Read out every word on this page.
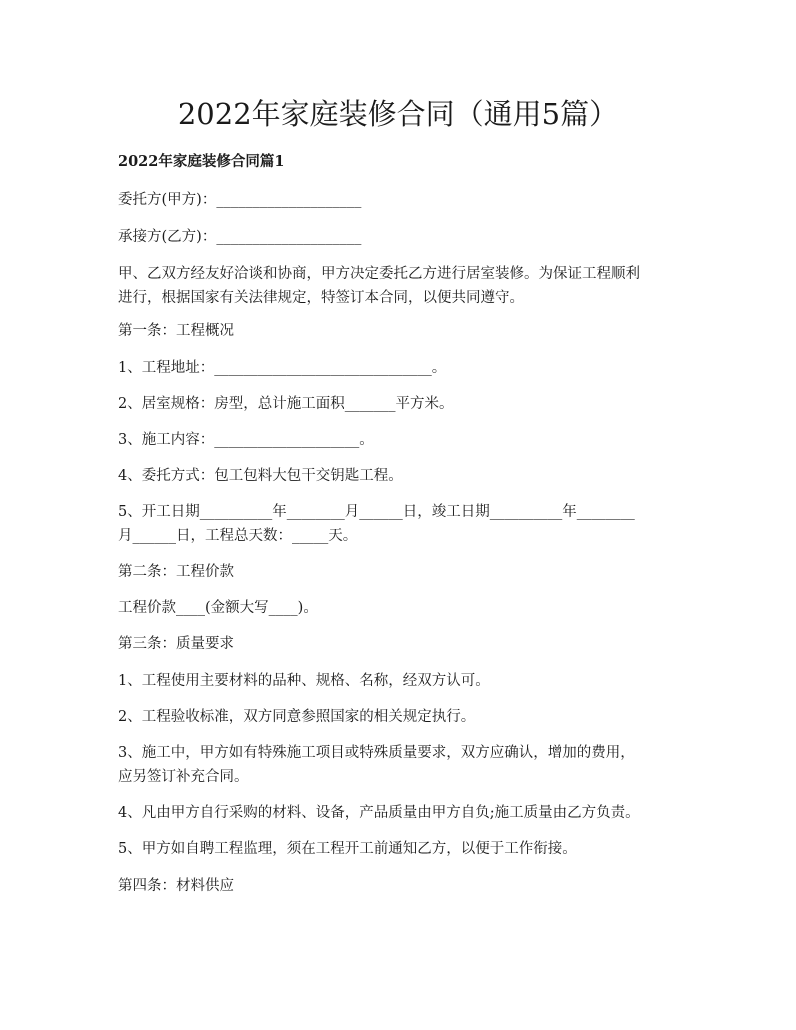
2022年家庭装修合同（通用5篇）
2022年家庭装修合同篇1
委托方(甲方)：____________________
承接方(乙方)：____________________
甲、乙双方经友好洽谈和协商，甲方决定委托乙方进行居室装修。为保证工程顺利
进行，根据国家有关法律规定，特签订本合同，以便共同遵守。
第一条：工程概况
1、工程地址：______________________________。
2、居室规格：房型，总计施工面积_______平方米。
3、施工内容：____________________。
4、委托方式：包工包料大包干交钥匙工程。
5、开工日期__________年________月______日，竣工日期__________年________
月______日，工程总天数：_____天。
第二条：工程价款
工程价款____(金额大写____)。
第三条：质量要求
1、工程使用主要材料的品种、规格、名称，经双方认可。
2、工程验收标准，双方同意参照国家的相关规定执行。
3、施工中，甲方如有特殊施工项目或特殊质量要求，双方应确认，增加的费用，
应另签订补充合同。
4、凡由甲方自行采购的材料、设备，产品质量由甲方自负;施工质量由乙方负责。
5、甲方如自聘工程监理，须在工程开工前通知乙方，以便于工作衔接。
第四条：材料供应
